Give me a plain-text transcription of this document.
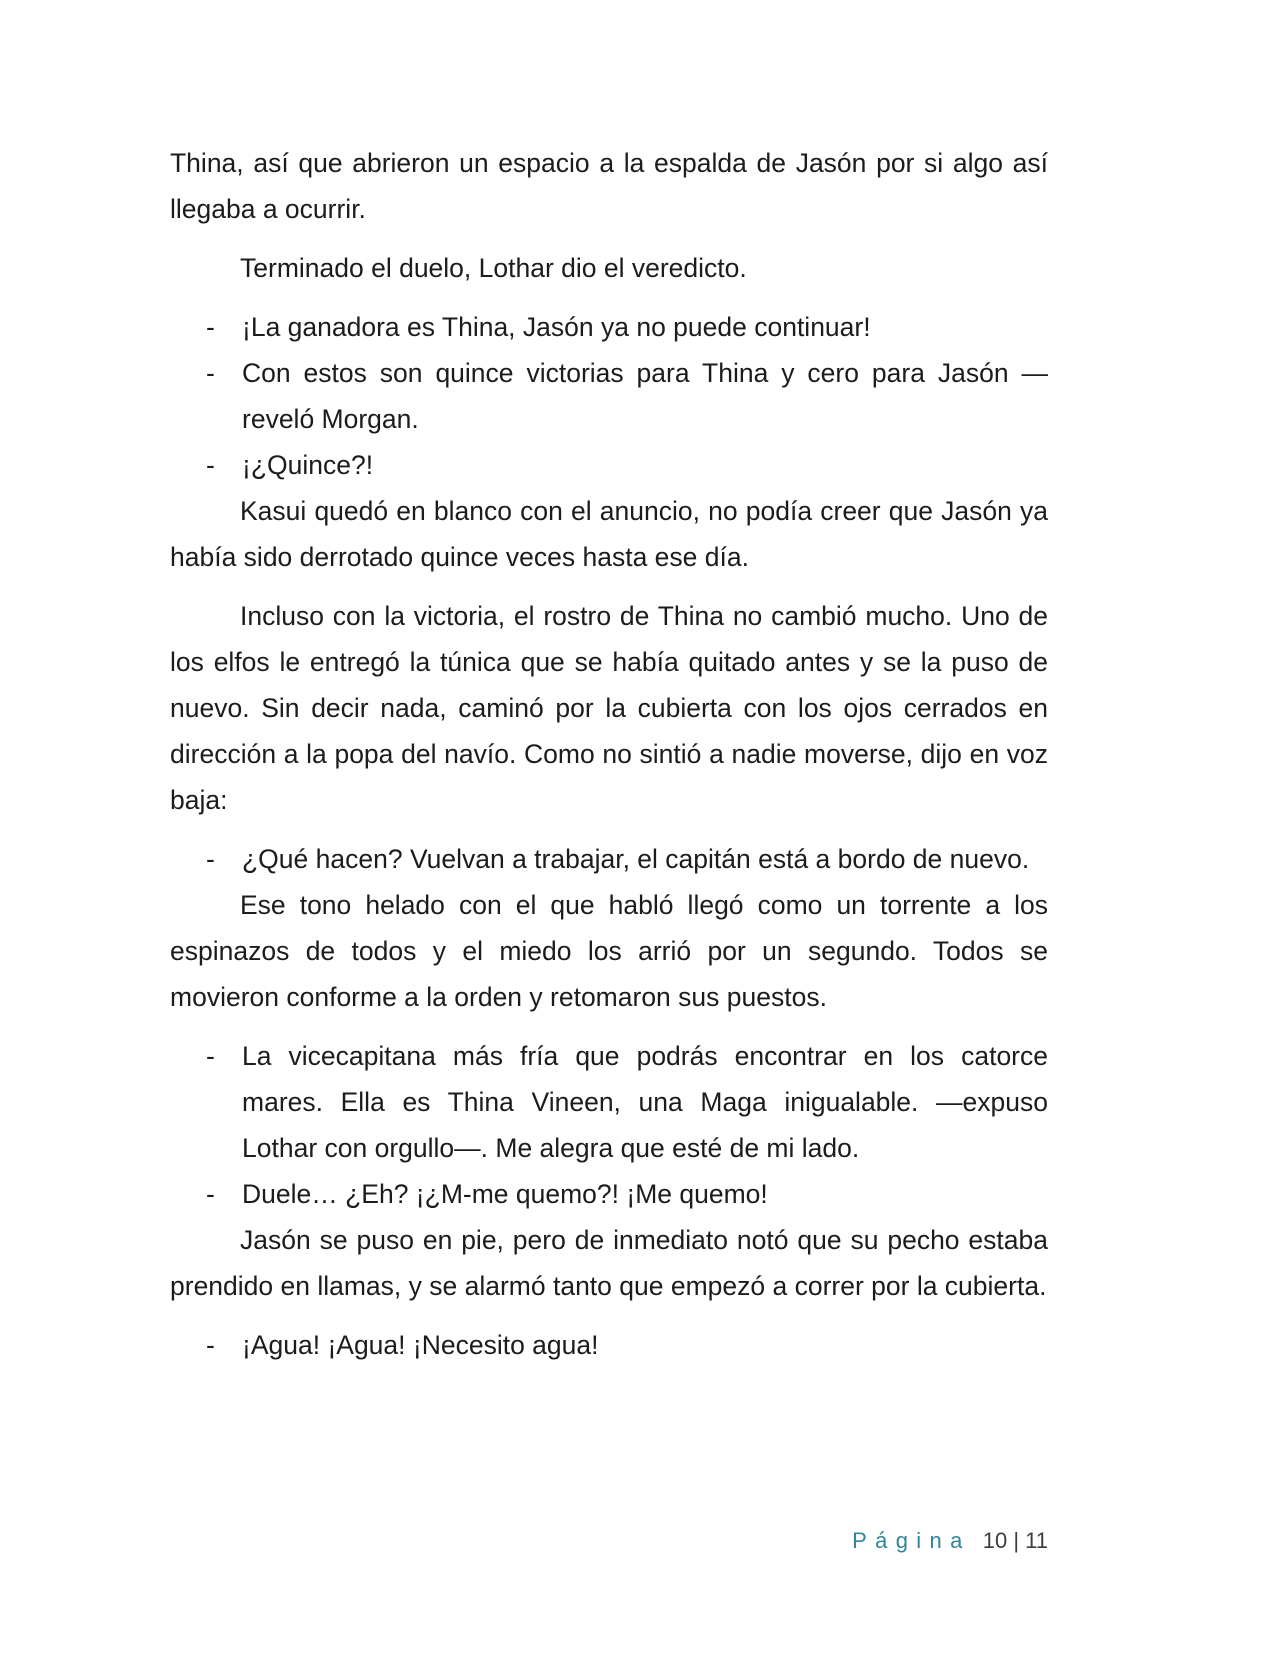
Thina, así que abrieron un espacio a la espalda de Jasón por si algo así llegaba a ocurrir.

Terminado el duelo, Lothar dio el veredicto.

-	¡La ganadora es Thina, Jasón ya no puede continuar!
-	Con estos son quince victorias para Thina y cero para Jasón — reveló Morgan.
-	¡¿Quince?!

Kasui quedó en blanco con el anuncio, no podía creer que Jasón ya había sido derrotado quince veces hasta ese día.

Incluso con la victoria, el rostro de Thina no cambió mucho. Uno de los elfos le entregó la túnica que se había quitado antes y se la puso de nuevo. Sin decir nada, caminó por la cubierta con los ojos cerrados en dirección a la popa del navío. Como no sintió a nadie moverse, dijo en voz baja:

-	¿Qué hacen? Vuelvan a trabajar, el capitán está a bordo de nuevo.

Ese tono helado con el que habló llegó como un torrente a los espinazos de todos y el miedo los arrió por un segundo. Todos se movieron conforme a la orden y retomaron sus puestos.

-	La vicecapitana más fría que podrás encontrar en los catorce mares. Ella es Thina Vineen, una Maga inigualable. —expuso Lothar con orgullo—. Me alegra que esté de mi lado.
-	Duele… ¿Eh? ¡¿M-me quemo?! ¡Me quemo!

Jasón se puso en pie, pero de inmediato notó que su pecho estaba prendido en llamas, y se alarmó tanto que empezó a correr por la cubierta.

-	¡Agua! ¡Agua! ¡Necesito agua!
Página 10 | 11
